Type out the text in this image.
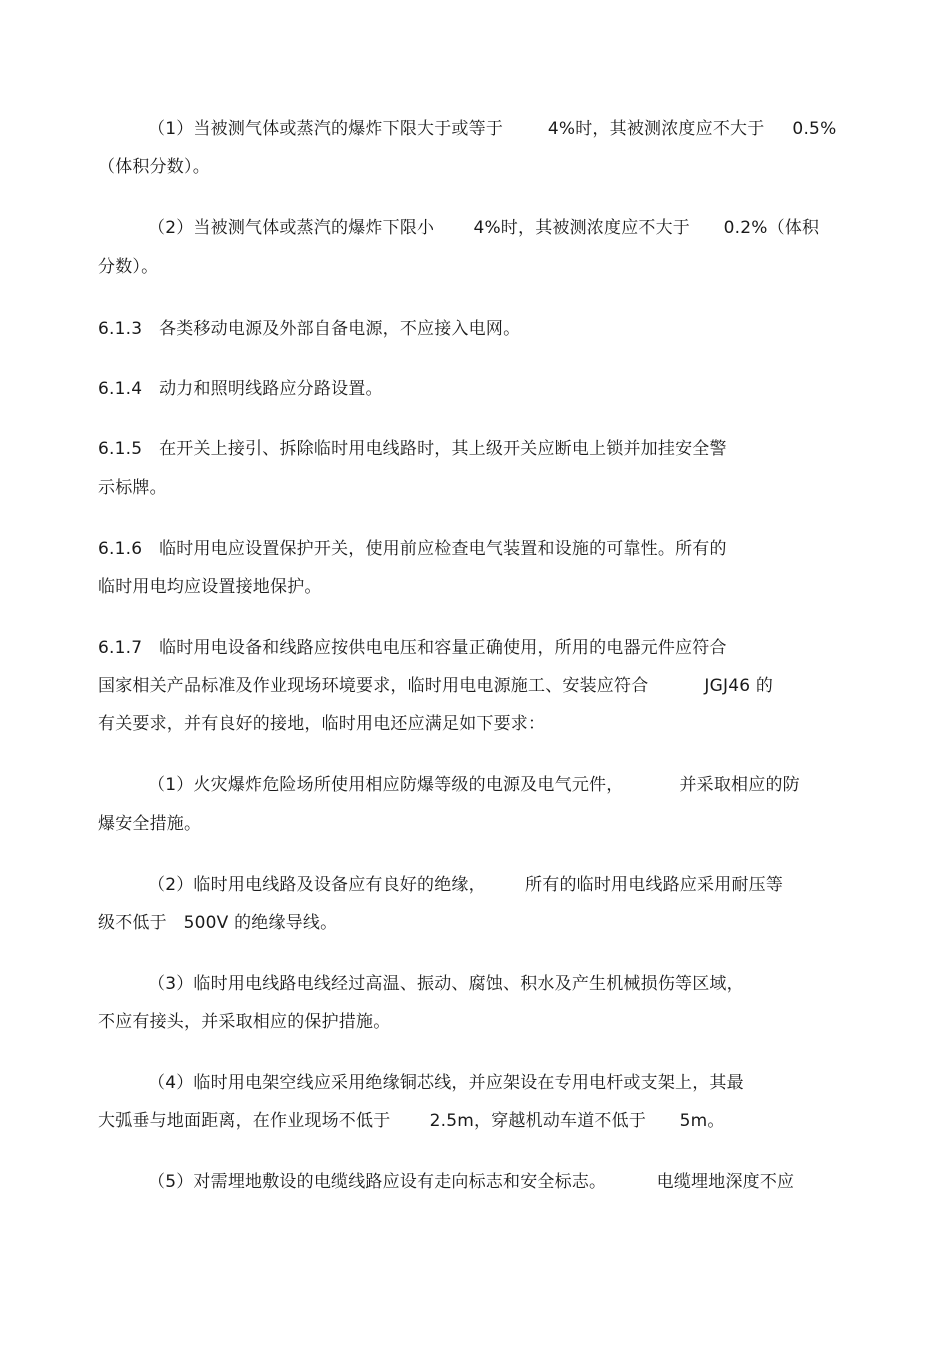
（1）当被测气体或蒸汽的爆炸下限大于或等于        4%时，其被测浓度应不大于     0.5%
（体积分数）。
（2）当被测气体或蒸汽的爆炸下限小       4%时，其被测浓度应不大于      0.2%（体积
分数）。
6.1.3   各类移动电源及外部自备电源，不应接入电网。
6.1.4   动力和照明线路应分路设置。
6.1.5   在开关上接引、拆除临时用电线路时，其上级开关应断电上锁并加挂安全警
示标牌。
6.1.6   临时用电应设置保护开关，使用前应检查电气装置和设施的可靠性。所有的
临时用电均应设置接地保护。
6.1.7   临时用电设备和线路应按供电电压和容量正确使用，所用的电器元件应符合
国家相关产品标准及作业现场环境要求，临时用电电源施工、安装应符合          JGJ46 的
有关要求，并有良好的接地，临时用电还应满足如下要求：
（1）火灾爆炸危险场所使用相应防爆等级的电源及电气元件，          并采取相应的防
爆安全措施。
（2）临时用电线路及设备应有良好的绝缘，       所有的临时用电线路应采用耐压等
级不低于   500V 的绝缘导线。
（3）临时用电线路电线经过高温、振动、腐蚀、积水及产生机械损伤等区域，
不应有接头，并采取相应的保护措施。
（4）临时用电架空线应采用绝缘铜芯线，并应架设在专用电杆或支架上，其最
大弧垂与地面距离，在作业现场不低于       2.5m，穿越机动车道不低于      5m。
（5）对需埋地敷设的电缆线路应设有走向标志和安全标志。         电缆埋地深度不应
